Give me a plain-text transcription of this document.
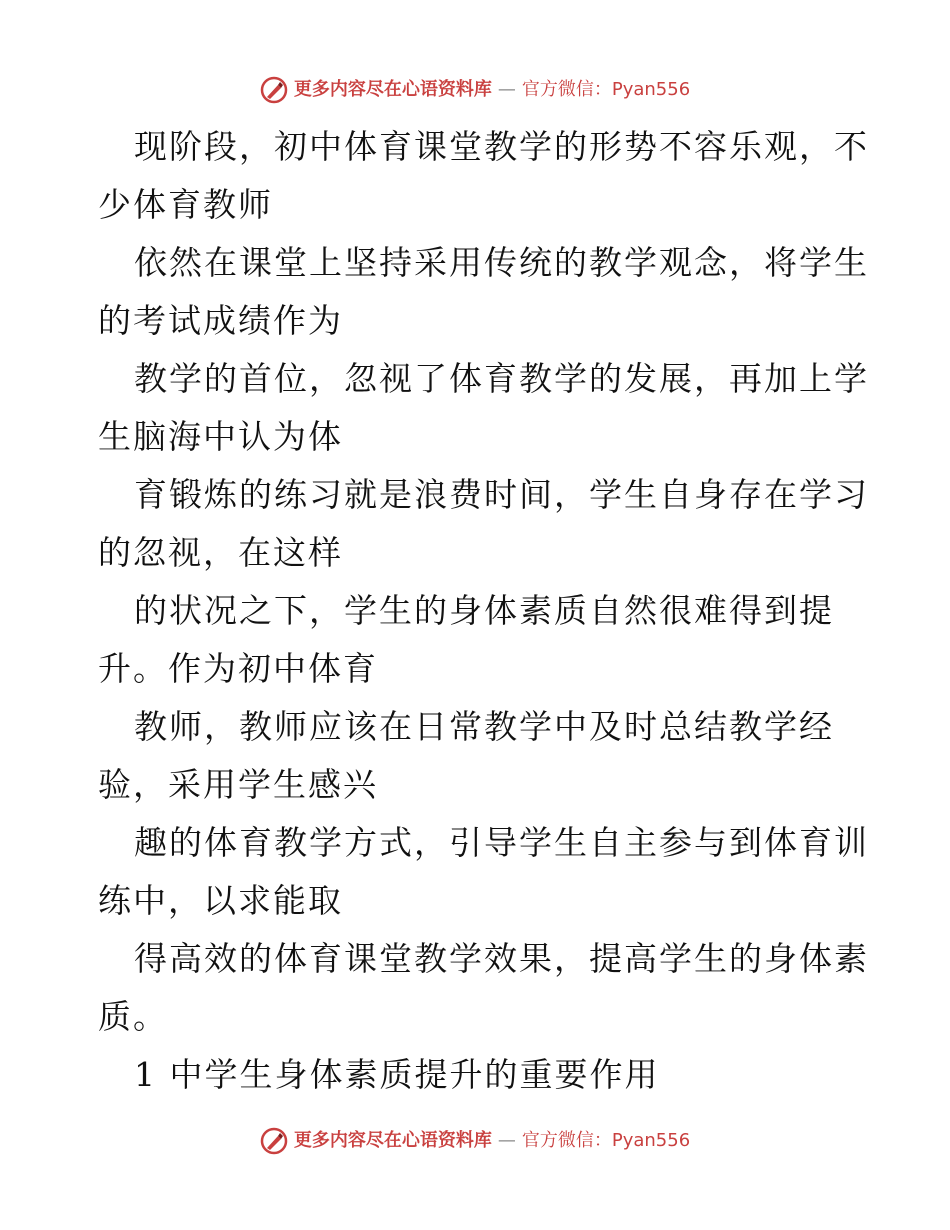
更多内容尽在心语资料库 — 官方微信：Pyan556

现阶段，初中体育课堂教学的形势不容乐观，不
少体育教师

依然在课堂上坚持采用传统的教学观念，将学生
的考试成绩作为

教学的首位，忽视了体育教学的发展，再加上学
生脑海中认为体

育锻炼的练习就是浪费时间，学生自身存在学习
的忽视，在这样

的状况之下，学生的身体素质自然很难得到提
升。作为初中体育

教师，教师应该在日常教学中及时总结教学经
验，采用学生感兴

趣的体育教学方式，引导学生自主参与到体育训
练中，以求能取

得高效的体育课堂教学效果，提高学生的身体素
质。

1 中学生身体素质提升的重要作用

更多内容尽在心语资料库 — 官方微信：Pyan556
